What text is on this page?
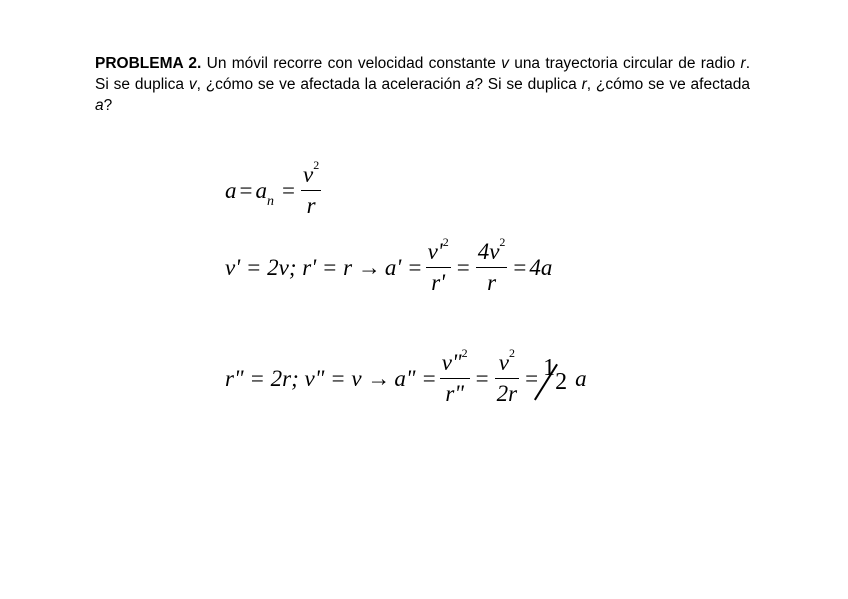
PROBLEMA 2. Un móvil recorre con velocidad constante v una trayectoria circular de radio r. Si se duplica v, ¿cómo se ve afectada la aceleración a? Si se duplica r, ¿cómo se ve afectada a?
$a = a_n = \frac{v^2}{r}$
v' = 2v; $r' = r \to a' = \frac{v'^2}{r'} = \frac{4v^2}{r} = 4a$
r" = 2r; v" = v → a" = $\frac{v"^2}{r"} = \frac{v^2}{2r} = 1$
2 a
